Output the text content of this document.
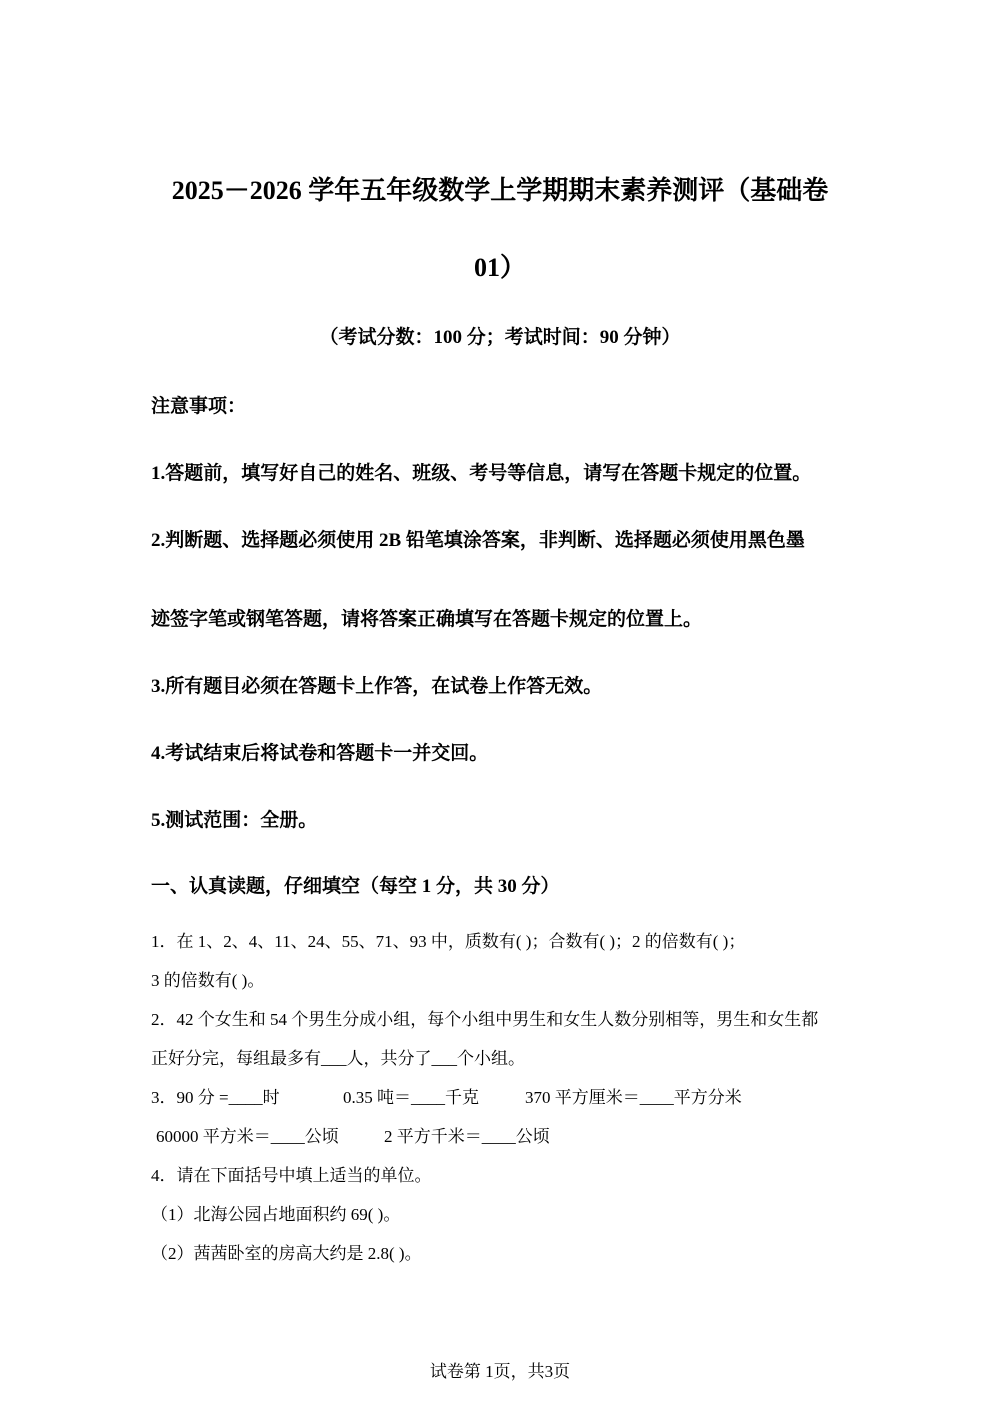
2025－2026 学年五年级数学上学期期末素养测评（基础卷
01）
（考试分数：100 分；考试时间：90 分钟）
注意事项：
1.答题前，填写好自己的姓名、班级、考号等信息，请写在答题卡规定的位置。
2.判断题、选择题必须使用 2B 铅笔填涂答案，非判断、选择题必须使用黑色墨
迹签字笔或钢笔答题，请将答案正确填写在答题卡规定的位置上。
3.所有题目必须在答题卡上作答，在试卷上作答无效。
4.考试结束后将试卷和答题卡一并交回。
5.测试范围：全册。
一、认真读题，仔细填空（每空 1 分，共 30 分）
1．在 1、2、4、11、24、55、71、93 中，质数有( )；合数有( )；2 的倍数有( )；
3 的倍数有( )。
2．42 个女生和 54 个男生分成小组，每个小组中男生和女生人数分别相等，男生和女生都
正好分完，每组最多有___人，共分了___个小组。
3．90 分 =____时	0.35 吨＝____千克	370 平方厘米＝____平方分米
60000 平方米＝____公顷	2 平方千米＝____公顷
4．请在下面括号中填上适当的单位。
（1）北海公园占地面积约 69( )。
（2）茜茜卧室的房高大约是 2.8( )。
试卷第 1页，共3页
